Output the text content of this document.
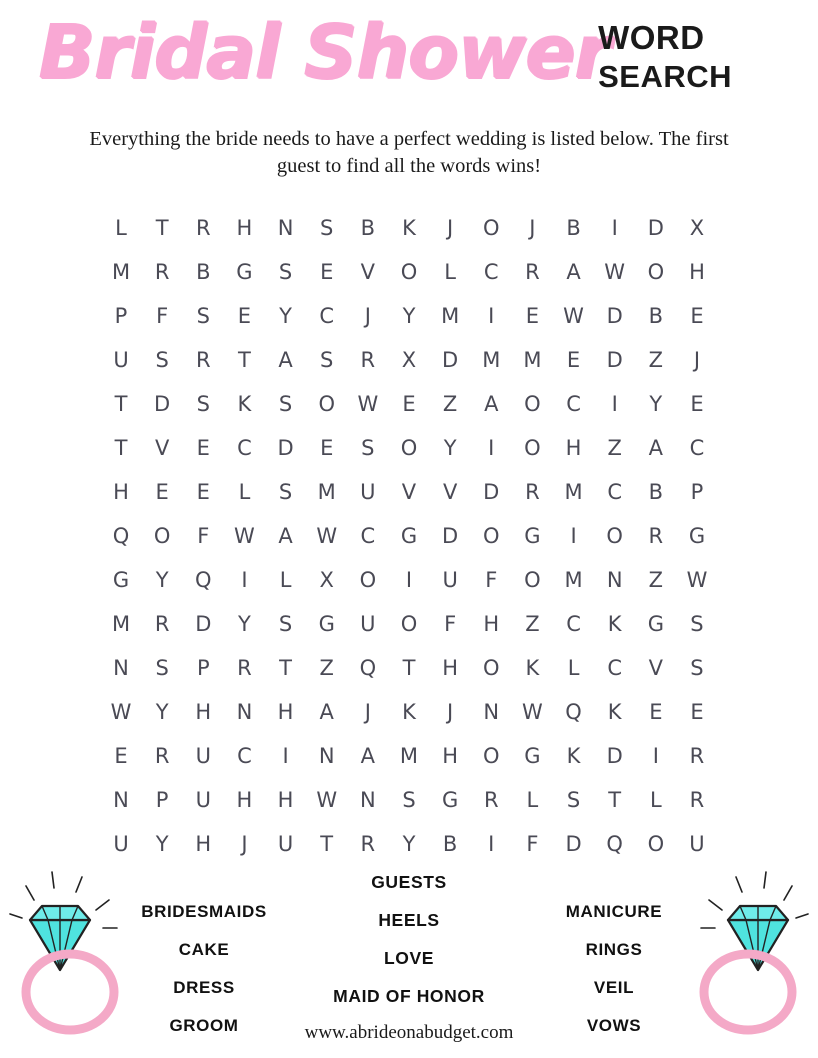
Bridal Shower
WORD
SEARCH
Everything the bride needs to have a perfect wedding is listed below. The first guest to find all the words wins!
L	T	R	H	N	S	B	K	J	O	J	B	I	D	X
M	R	B	G	S	E	V	O	L	C	R	A	W	O	H
P	F	S	E	Y	C	J	Y	M	I	E	W	D	B	E
U	S	R	T	A	S	R	X	D	M	M	E	D	Z	J
T	D	S	K	S	O	W	E	Z	A	O	C	I	Y	E
T	V	E	C	D	E	S	O	Y	I	O	H	Z	A	C
H	E	E	L	S	M	U	V	V	D	R	M	C	B	P
Q	O	F	W	A	W	C	G	D	O	G	I	O	R	G
G	Y	Q	I	L	X	O	I	U	F	O	M	N	Z	W
M	R	D	Y	S	G	U	O	F	H	Z	C	K	G	S
N	S	P	R	T	Z	Q	T	H	O	K	L	C	V	S
W	Y	H	N	H	A	J	K	J	N	W	Q	K	E	E
E	R	U	C	I	N	A	M	H	O	G	K	D	I	R
N	P	U	H	H	W	N	S	G	R	L	S	T	L	R
U	Y	H	J	U	T	R	Y	B	I	F	D	Q	O	U
BRIDESMAIDS
CAKE
DRESS
GROOM
GUESTS
HEELS
LOVE
MAID OF HONOR
MANICURE
RINGS
VEIL
VOWS
www.abrideonabudget.com
